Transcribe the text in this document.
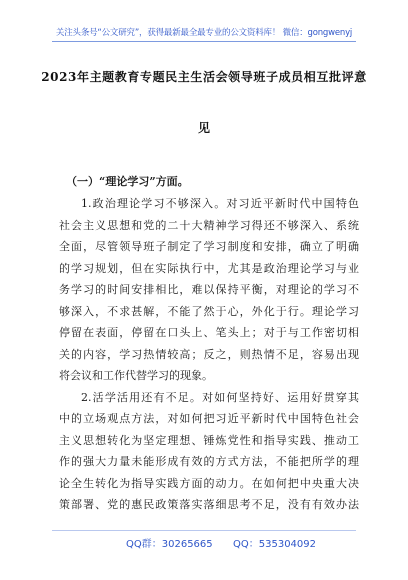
关注头条号“公文研究”，获得最新最全最专业的公文资料库！ 微信：gongwenyj
2023年主题教育专题民主生活会领导班子成员相互批评意
见
（一）“理论学习”方面。
1.政治理论学习不够深入。对习近平新时代中国特色
社会主义思想和党的二十大精神学习得还不够深入、系统
全面，尽管领导班子制定了学习制度和安排，确立了明确
的学习规划，但在实际执行中，尤其是政治理论学习与业
务学习的时间安排相比，难以保持平衡，对理论的学习不
够深入，不求甚解，不能了然于心，外化于行。理论学习
停留在表面，停留在口头上、笔头上；对于与工作密切相
关的内容，学习热情较高；反之，则热情不足，容易出现
将会议和工作代替学习的现象。
2.活学活用还有不足。对如何坚持好、运用好贯穿其
中的立场观点方法，对如何把习近平新时代中国特色社会
主义思想转化为坚定理想、锤炼党性和指导实践、推动工
作的强大力量未能形成有效的方式方法，不能把所学的理
论全生转化为指导实践方面的动力。在如何把中央重大决
策部署、党的惠民政策落实落细思考不足，没有有效办法
QQ群：30265665 QQ：535304092
